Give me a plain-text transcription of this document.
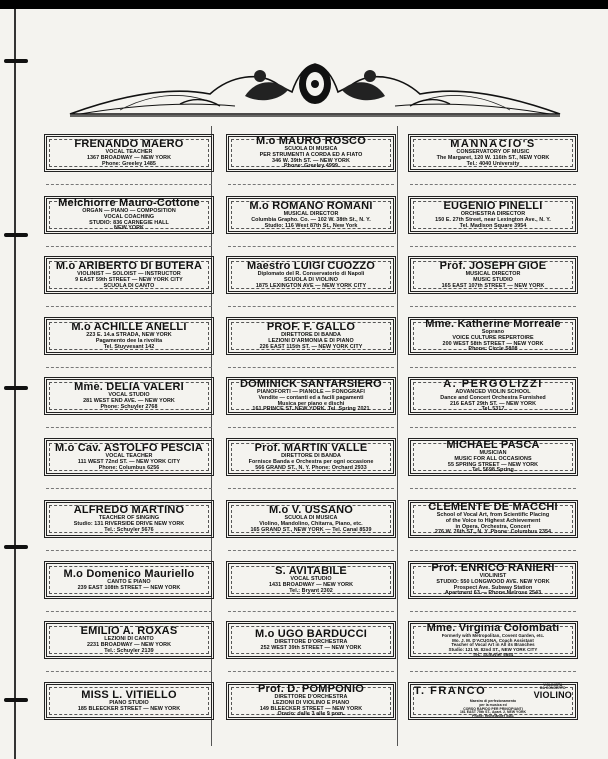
FRENANDO MAERO
VOCAL TEACHER
1367 BROADWAY — NEW YORK
Phone: Greeley 1485
Melchiorre Mauro-Cottone
ORGAN — PIANO — COMPOSITION
VOCAL COACHING
STUDIO: 836 CARNEGIE HALL
NEW YORK
M.o ARIBERTO DI BUTERA
VIOLINIST — SOLOIST — INSTRUCTOR
9 EAST 59th STREET — NEW YORK CITY
SCUOLA DI CANTO
M.o ACHILLE ANELLI
223 E. 14.a STRADA, NEW YORK
Pagamento dee la rivolita
Tel. Stuyvesant 142
Mme. DELIA VALERI
VOCAL STUDIO
281 WEST END AVE. — NEW YORK
Phone: Schuyler 2768
M.o Cav. ASTOLFO PESCIA
VOCAL TEACHER
111 WEST 72nd ST. — NEW YORK CITY
Phone: Columbus 6256
ALFREDO MARTINO
TEACHER OF SINGING
Studio: 131 RIVERSIDE DRIVE NEW YORK
Tel.: Schuyler 5676
M.o Domenico Mauriello
CANTO E PIANO
239 EAST 108th STREET — NEW YORK
EMILIO A. ROXAS
LEZIONI DI CANTO
2231 BROADWAY — NEW YORK
Tel.: Schuyler 2139
MISS L. VITIELLO
PIANO STUDIO
185 BLEECKER STREET — NEW YORK
M.o MAURO ROSCO
SCUOLA DI MUSICA
PER STRUMENTI A CORDA ED A FIATO
346 W. 39th ST. — NEW YORK
Phone: Greeley 4999
M.o ROMANO ROMANI
MUSICAL DIRECTOR
Columbia Grapho. Co. — 102 W. 38th St., N. Y.
Studio: 116 West 87th St., New York
Maestro LUIGI CUOZZO
Diplomato del R. Conservatorio di Napoli
SCUOLA DI VIOLINO
1875 LEXINGTON AVE — NEW YORK CITY
PROF. F. GALLO
DIRETTORE DI BANDA
LEZIONI D'ARMONIA E DI PIANO
226 EAST 115th ST. — NEW YORK CITY
DOMINICK SANTARSIERO
PIANOFORTI — PIANOLE — FONOGRAFI
Vendite — contanti ed a facili pagamenti
Musica per piano e dischi
161 PRINCE ST. NEW YORK. Tel. Spring 7021
Prof. MARTIN VALLE
DIRETTORE DI BANDA
Fornisce Banda e Orchestra per ogni occasione
566 GRAND ST., N. Y. Phone: Orchard 2933
M.o V. USSANO
SCUOLA DI MUSICA
Violino, Mandolino, Chitarra, Piano, etc.
165 GRAND ST., NEW YORK — Tel. Canal 8539
S. AVITABILE
VOCAL STUDIO
1431 BROADWAY — NEW YORK
Tel.: Bryant 2302
M.o UGO BARDUCCI
DIRETTORE D'ORCHESTRA
252 WEST 39th STREET — NEW YORK
Prof. D. POMPONIO
DIRETTORE D'ORCHESTRA
LEZIONI DI VIOLINO E PIANO
149 BLEECKER STREET — NEW YORK
Orario: dalle 3 alle 9 pom.
MANNACIO'S
CONSERVATORY OF MUSIC
The Margaret, 120 W. 116th ST., NEW YORK
Tel.: 4040 University
EUGENIO PINELLI
ORCHESTRA DIRECTOR
150 E. 27th Street, near Lexington Ave., N. Y.
Tel. Madison Square 3954
Prof. JOSEPH GIOE
MUSICAL DIRECTOR
MUSIC STUDIO
165 EAST 107th STREET — NEW YORK
Mme. Katherine Morreale
Soprano
VOICE CULTURE REPERTOIRE
200 WEST 58th STREET — NEW YORK
Phone: Circle 5808
A. PERGOLIZZI
ADVANCED VIOLIN SCHOOL
Dance and Concert Orchestra Furnished
216 EAST 29th ST. — NEW YORK
Tel. 5317
MICHAEL PASCA
MUSICIAN
MUSIC FOR ALL OCCASIONS
55 SPRING STREET — NEW YORK
Tel. 5698 Spring
CLEMENTE DE MACCHI
School of Vocal Art, from Scientific Placing
of the Voice to Highest Achievement
in Opera, Orchestra, Concert
276 W. 76th ST., N. Y. Phone: Columbus 2354
Prof. ENRICO RANIERI
VIOLINIST
STUDIO: 550 LONGWOOD AVE. NEW YORK
Prospect Ave. Subway Station
Apartment 63 — Phone Melrose 2543
Mme. Virginia Colombati
Formerly with Metropolitan, Covent Garden, etc.
Mo. J. M. D'ACUGNA, Coach Assistant
Teacher of Vocal Art in All its Branches
Studio: 121 W. 82nd ST., NEW YORK CITY
Tel.: Schuyler 5654
T. FRANCO
VIOLINISTA
DA CONCERTO
VIOLINO
Maestro di perfezionamento
per la musica ed
CORSO RAPIDO PER PRINCIPIANTI
161 EAST 75th ST., Apart. 2, NEW YORK
Phone: Rhinelander 5461
